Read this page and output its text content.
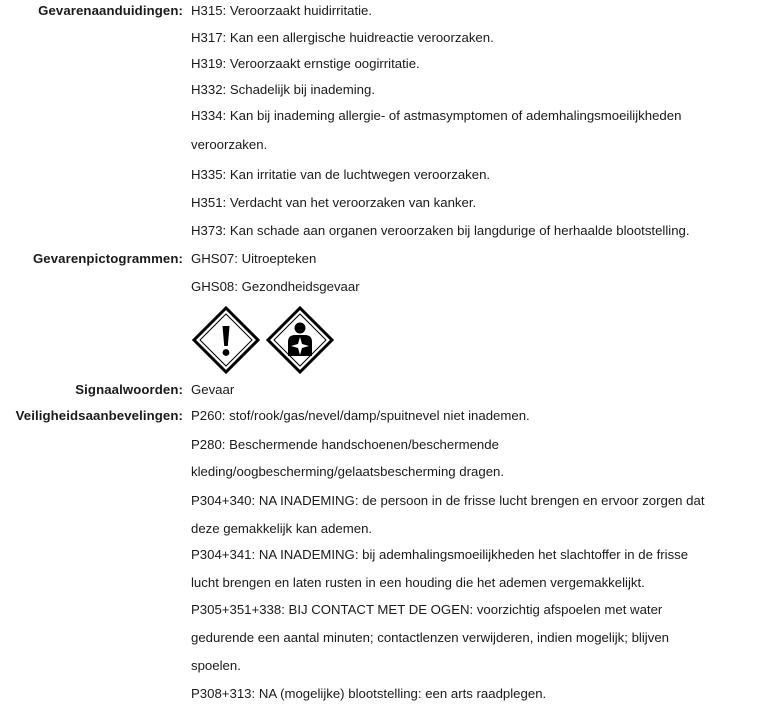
Gevarenaanduidingen: H315: Veroorzaakt huidirritatie.
H317: Kan een allergische huidreactie veroorzaken.
H319: Veroorzaakt ernstige oogirritatie.
H332: Schadelijk bij inademing.
H334: Kan bij inademing allergie- of astmasymptomen of ademhalingsmoeilijkheden
veroorzaken.
H335: Kan irritatie van de luchtwegen veroorzaken.
H351: Verdacht van het veroorzaken van kanker.
H373: Kan schade aan organen veroorzaken bij langdurige of herhaalde blootstelling.
Gevarenpictogrammen: GHS07: Uitroepteken
GHS08: Gezondheidsgevaar
Signaalwoorden: Gevaar
Veiligheidsaanbevelingen: P260: stof/rook/gas/nevel/damp/spuitnevel niet inademen.
P280: Beschermende handschoenen/beschermende
kleding/oogbescherming/gelaatsbescherming dragen.
P304+340: NA INADEMING: de persoon in de frisse lucht brengen en ervoor zorgen dat
deze gemakkelijk kan ademen.
P304+341: NA INADEMING: bij ademhalingsmoeilijkheden het slachtoffer in de frisse
lucht brengen en laten rusten in een houding die het ademen vergemakkelijkt.
P305+351+338: BIJ CONTACT MET DE OGEN: voorzichtig afspoelen met water
gedurende een aantal minuten; contactlenzen verwijderen, indien mogelijk; blijven
spoelen.
P308+313: NA (mogelijke) blootstelling: een arts raadplegen.
